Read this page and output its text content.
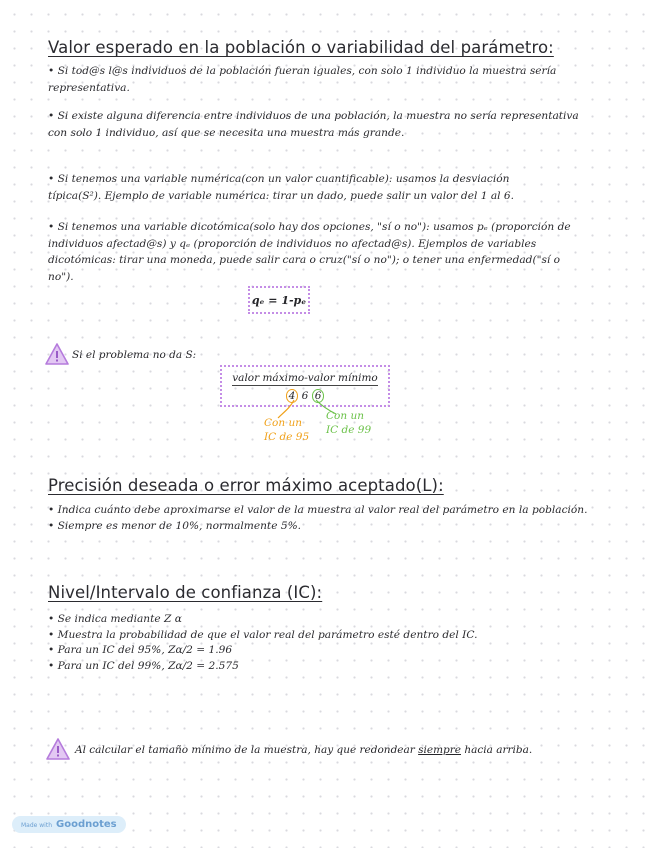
Valor esperado en la población o variabilidad del parámetro:
• Si tod@s l@s individuos de la población fueran iguales, con solo 1 individuo la muestra sería
representativa.
• Si existe alguna diferencia entre individuos de una población, la muestra no sería representativa
con solo 1 individuo, así que se necesita una muestra más grande.
• Si tenemos una variable numérica(con un valor cuantificable): usamos la desviación
típica(S²). Ejemplo de variable numérica: tirar un dado, puede salir un valor del 1 al 6.
• Si tenemos una variable dicotómica(solo hay dos opciones, "sí o no"): usamos pₑ (proporción de
individuos afectad@s) y qₑ (proporción de individuos no afectad@s). Ejemplos de variables
dicotómicas: tirar una moneda, puede salir cara o cruz("sí o no"); o tener una enfermedad("sí o
no").
qₑ = 1-pₑ
Si el problema no da S:
valor máximo-valor mínimo
4 6 6
Con un
IC de 95
Con un
IC de 99
Precisión deseada o error máximo aceptado(L):
• Indica cuánto debe aproximarse el valor de la muestra al valor real del parámetro en la población.
• Siempre es menor de 10%, normalmente 5%.
Nivel/Intervalo de confianza (IC):
• Se indica mediante Z α
• Muestra la probabilidad de que el valor real del parámetro esté dentro del IC.
• Para un IC del 95%, Zα/2 = 1.96
• Para un IC del 99%, Zα/2 = 2.575
Al calcular el tamaño mínimo de la muestra, hay que redondear siempre hacia arriba.
Made with Goodnotes
